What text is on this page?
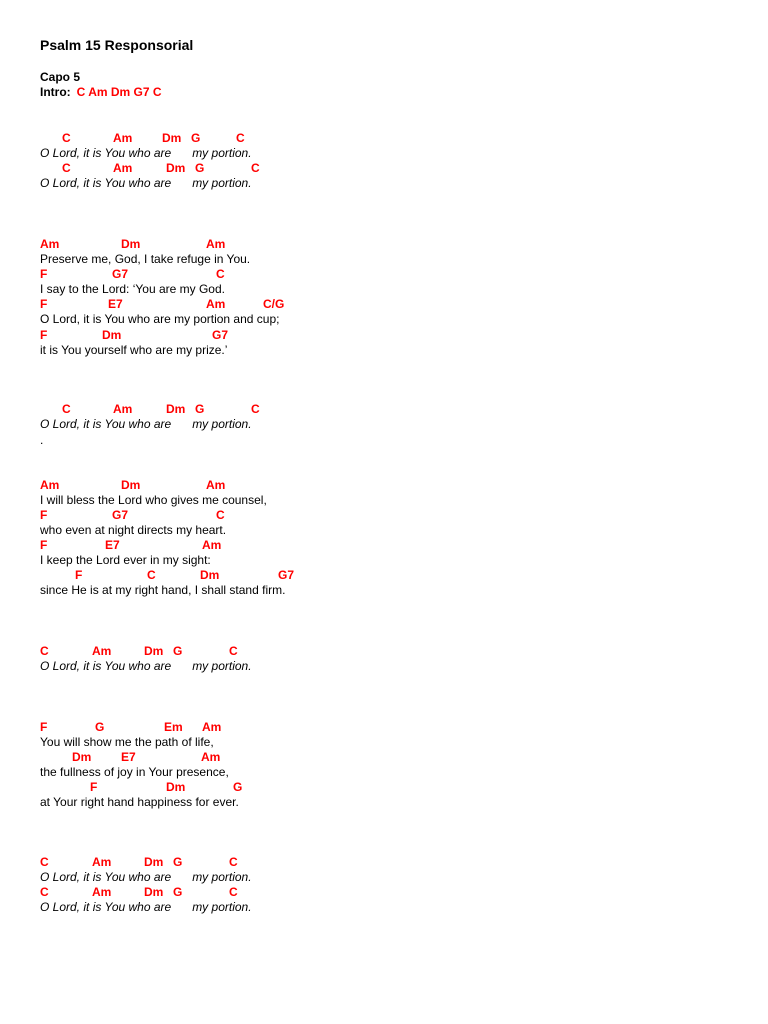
Psalm 15 Responsorial
Capo 5
Intro: C Am Dm G7 C
C	Am Dm G	C
O Lord, it is You who are my portion.
C	Am	Dm G	C
O Lord, it is You who are my portion.
Am	Dm	Am
Preserve me, God, I take refuge in You.
F	G7	C
I say to the Lord: ‘You are my God.
F	E7	Am	C/G
O Lord, it is You who are my portion and cup;
F	Dm	G7
it is You yourself who are my prize.’
C	Am	Dm G	C
O Lord, it is You who are my portion.
.
Am	Dm	Am
I will bless the Lord who gives me counsel,
F	G7	C
who even at night directs my heart.
F	E7	Am
I keep the Lord ever in my sight:
F	C	Dm	G7
since He is at my right hand, I shall stand firm.
C	Am	Dm G	C
O Lord, it is You who are my portion.
F	G	Em Am
You will show me the path of life,
Dm E7	Am
the fullness of joy in Your presence,
F	Dm	G
at Your right hand happiness for ever.
C	Am	Dm G	C
O Lord, it is You who are my portion.
C	Am	Dm G	C
O Lord, it is You who are my portion.
